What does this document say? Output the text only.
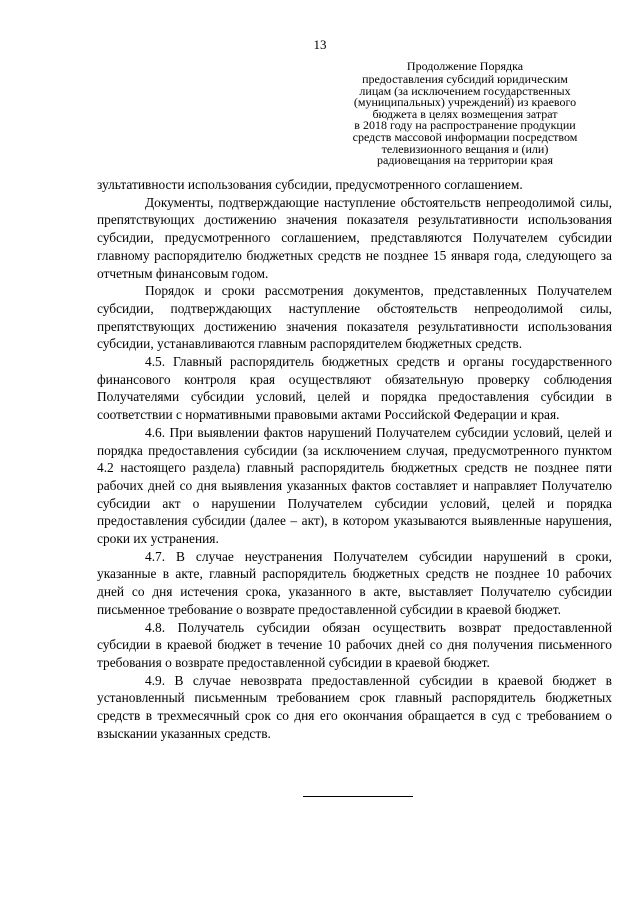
13
Продолжение Порядка
предоставления субсидий юридическим
лицам (за исключением государственных
(муниципальных) учреждений) из краевого
бюджета в целях возмещения затрат
в 2018 году на распространение продукции
средств массовой информации посредством
телевизионного вещания и (или)
радиовещания на территории края

зультативности использования субсидии, предусмотренного соглашением.

Документы, подтверждающие наступление обстоятельств непреодолимой силы, препятствующих достижению значения показателя результативности использования субсидии, предусмотренного соглашением, представляются Получателем субсидии главному распорядителю бюджетных средств не позднее 15 января года, следующего за отчетным финансовым годом.

Порядок и сроки рассмотрения документов, представленных Получателем субсидии, подтверждающих наступление обстоятельств непреодолимой силы, препятствующих достижению значения показателя результативности использования субсидии, устанавливаются главным распорядителем бюджетных средств.

4.5. Главный распорядитель бюджетных средств и органы государственного финансового контроля края осуществляют обязательную проверку соблюдения Получателями субсидии условий, целей и порядка предоставления субсидии в соответствии с нормативными правовыми актами Российской Федерации и края.

4.6. При выявлении фактов нарушений Получателем субсидии условий, целей и порядка предоставления субсидии (за исключением случая, предусмотренного пунктом 4.2 настоящего раздела) главный распорядитель бюджетных средств не позднее пяти рабочих дней со дня выявления указанных фактов составляет и направляет Получателю субсидии акт о нарушении Получателем субсидии условий, целей и порядка предоставления субсидии (далее – акт), в котором указываются выявленные нарушения, сроки их устранения.

4.7. В случае неустранения Получателем субсидии нарушений в сроки, указанные в акте, главный распорядитель бюджетных средств не позднее 10 рабочих дней со дня истечения срока, указанного в акте, выставляет Получателю субсидии письменное требование о возврате предоставленной субсидии в краевой бюджет.

4.8. Получатель субсидии обязан осуществить возврат предоставленной субсидии в краевой бюджет в течение 10 рабочих дней со дня получения письменного требования о возврате предоставленной субсидии в краевой бюджет.

4.9. В случае невозврата предоставленной субсидии в краевой бюджет в установленный письменным требованием срок главный распорядитель бюджетных средств в трехмесячный срок со дня его окончания обращается в суд с требованием о взыскании указанных средств.
